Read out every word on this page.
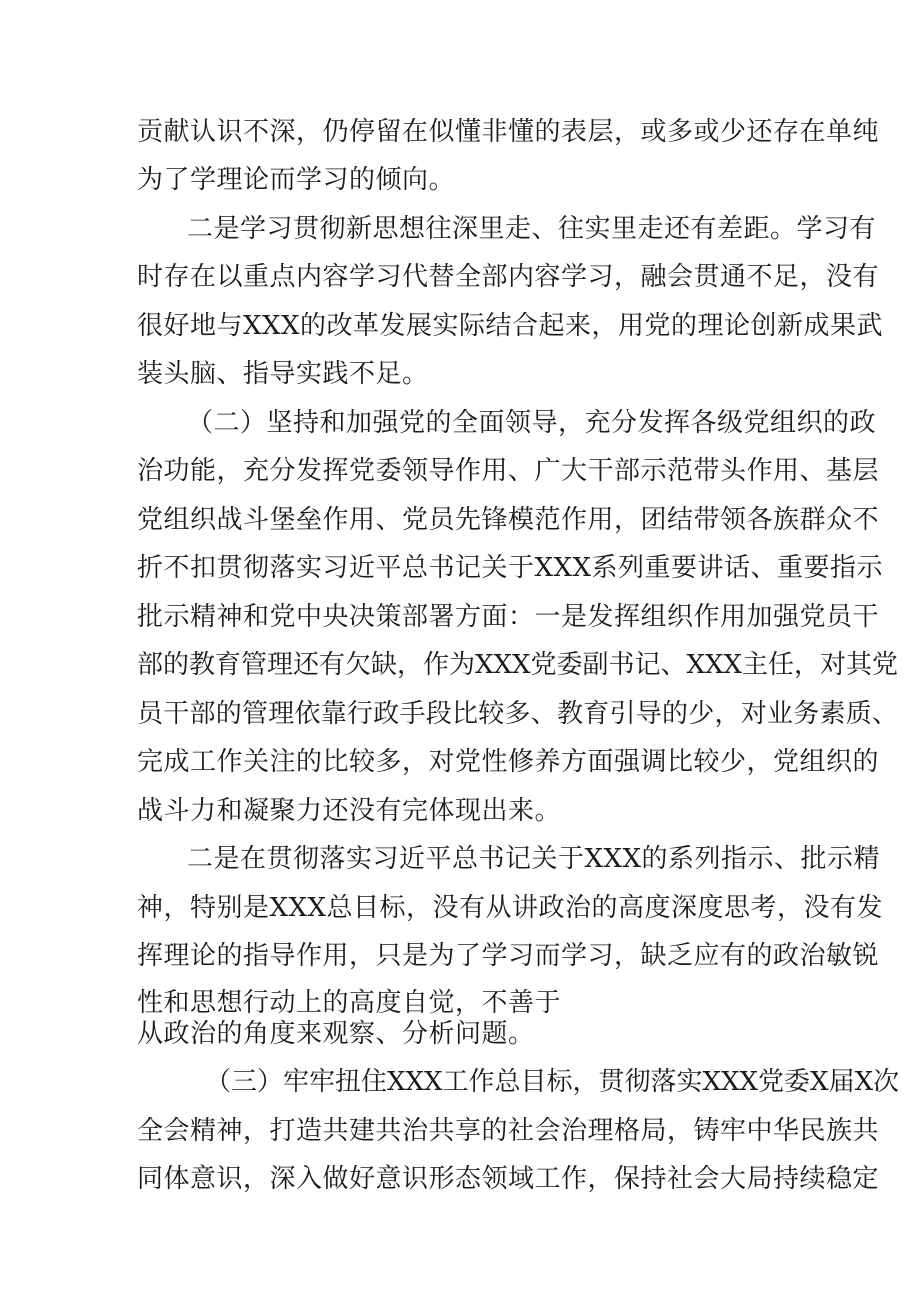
贡献认识不深，仍停留在似懂非懂的表层，或多或少还存在单纯
为了学理论而学习的倾向。
二是学习贯彻新思想往深里走、往实里走还有差距。学习有
时存在以重点内容学习代替全部内容学习，融会贯通不足，没有
很好地与XXX的改革发展实际结合起来，用党的理论创新成果武
装头脑、指导实践不足。
（二）坚持和加强党的全面领导，充分发挥各级党组织的政
治功能，充分发挥党委领导作用、广大干部示范带头作用、基层
党组织战斗堡垒作用、党员先锋模范作用，团结带领各族群众不
折不扣贯彻落实习近平总书记关于XXX系列重要讲话、重要指示
批示精神和党中央决策部署方面：一是发挥组织作用加强党员干
部的教育管理还有欠缺，作为XXX党委副书记、XXX主任，对其党
员干部的管理依靠行政手段比较多、教育引导的少，对业务素质、
完成工作关注的比较多，对党性修养方面强调比较少，党组织的
战斗力和凝聚力还没有完体现出来。
二是在贯彻落实习近平总书记关于XXX的系列指示、批示精
神，特别是XXX总目标，没有从讲政治的高度深度思考，没有发
挥理论的指导作用，只是为了学习而学习，缺乏应有的政治敏锐
性和思想行动上的高度自觉，不善于
从政治的角度来观察、分析问题。
（三）牢牢扭住XXX工作总目标，贯彻落实XXX党委X届X次
全会精神，打造共建共治共享的社会治理格局，铸牢中华民族共
同体意识，深入做好意识形态领域工作，保持社会大局持续稳定
